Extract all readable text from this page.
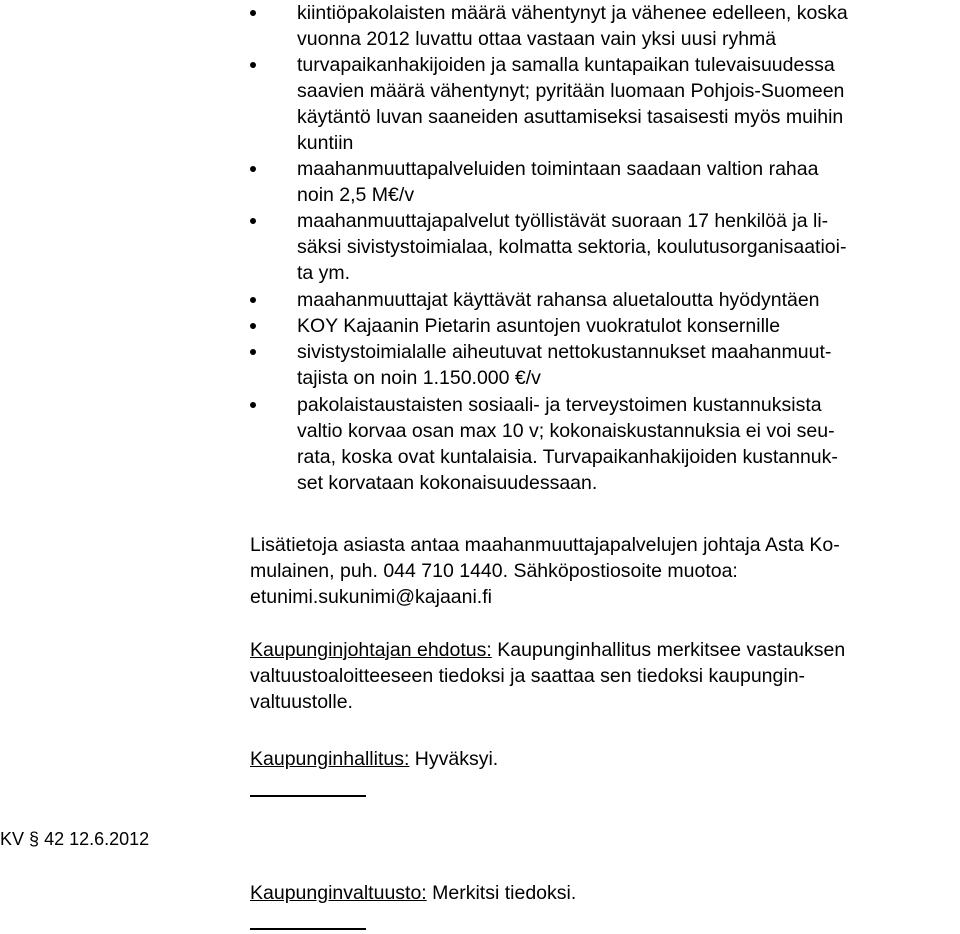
kiintiöpakolaisten määrä vähentynyt ja vähenee edelleen, koska
vuonna 2012 luvattu ottaa vastaan vain yksi uusi ryhmä
turvapaikanhakijoiden ja samalla kuntapaikan tulevaisuudessa
saavien määrä vähentynyt; pyritään luomaan Pohjois-Suomeen
käytäntö luvan saaneiden asuttamiseksi tasaisesti myös muihin
kuntiin
maahanmuuttapalveluiden toimintaan saadaan valtion rahaa
noin 2,5 M€/v
maahanmuuttajapalvelut työllistävät suoraan 17 henkilöä ja li-
säksi sivistystoimialaa, kolmatta sektoria, koulutusorganisaatioi-
ta ym.
maahanmuuttajat käyttävät rahansa aluetaloutta hyödyntäen
KOY Kajaanin Pietarin asuntojen vuokratulot konsernille
sivistystoimialalle aiheutuvat nettokustannukset maahanmuut-
tajista on noin 1.150.000 €/v
pakolaistaustaisten sosiaali- ja terveystoimen kustannuksista
valtio korvaa osan max 10 v; kokonaiskustannuksia ei voi seu-
rata, koska ovat kuntalaisia. Turvapaikanhakijoiden kustannuk-
set korvataan kokonaisuudessaan.
Lisätietoja asiasta antaa maahanmuuttajapalvelujen johtaja Asta Ko-
mulainen, puh. 044 710 1440. Sähköpostiosoite muotoa:
etunimi.sukunimi@kajaani.fi
Kaupunginjohtajan ehdotus: Kaupunginhallitus merkitsee vastauksen
valtuustoaloitteeseen tiedoksi ja saattaa sen tiedoksi kaupungin-
valtuustolle.
Kaupunginhallitus: Hyväksyi.
KV § 42 12.6.2012
Kaupunginvaltuusto: Merkitsi tiedoksi.
